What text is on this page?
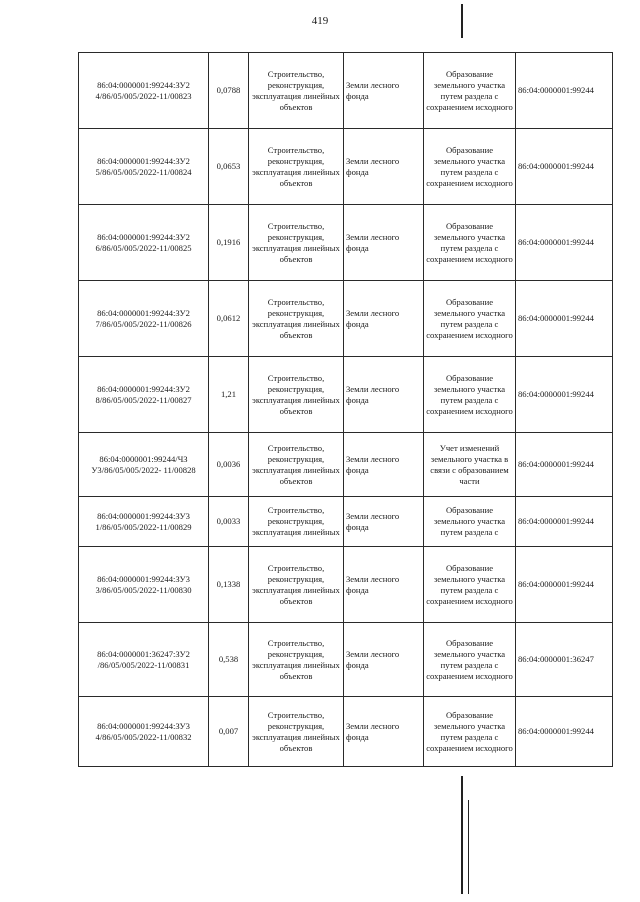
419
86:04:0000001:99244:ЗУ2 4/86/05/005/2022-11/00823	0,0788	Строительство, реконструкция, эксплуатация линейных объектов	Земли лесного фонда	Образование земельного участка путем раздела с сохранением исходного	86:04:0000001:99244
86:04:0000001:99244:ЗУ2 5/86/05/005/2022-11/00824	0,0653	Строительство, реконструкция, эксплуатация линейных объектов	Земли лесного фонда	Образование земельного участка путем раздела с сохранением исходного	86:04:0000001:99244
86:04:0000001:99244:ЗУ2 6/86/05/005/2022-11/00825	0,1916	Строительство, реконструкция, эксплуатация линейных объектов	Земли лесного фонда	Образование земельного участка путем раздела с сохранением исходного	86:04:0000001:99244
86:04:0000001:99244:ЗУ2 7/86/05/005/2022-11/00826	0,0612	Строительство, реконструкция, эксплуатация линейных объектов	Земли лесного фонда	Образование земельного участка путем раздела с сохранением исходного	86:04:0000001:99244
86:04:0000001:99244:ЗУ2 8/86/05/005/2022-11/00827	1,21	Строительство, реконструкция, эксплуатация линейных объектов	Земли лесного фонда	Образование земельного участка путем раздела с сохранением исходного	86:04:0000001:99244
86:04:0000001:99244/ЧЗ У3/86/05/005/2022- 11/00828	0,0036	Строительство, реконструкция, эксплуатация линейных объектов	Земли лесного фонда	Учет изменений земельного участка в связи с образованием части	86:04:0000001:99244
86:04:0000001:99244:ЗУ3 1/86/05/005/2022-11/00829	0,0033	Строительство, реконструкция, эксплуатация линейных	Земли лесного фонда	Образование земельного участка путем раздела с	86:04:0000001:99244
86:04:0000001:99244:ЗУ3 3/86/05/005/2022-11/00830	0,1338	Строительство, реконструкция, эксплуатация линейных объектов	Земли лесного фонда	Образование земельного участка путем раздела с сохранением исходного	86:04:0000001:99244
86:04:0000001:36247:ЗУ2 /86/05/005/2022-11/00831	0,538	Строительство, реконструкция, эксплуатация линейных объектов	Земли лесного фонда	Образование земельного участка путем раздела с сохранением исходного	86:04:0000001:36247
86:04:0000001:99244:ЗУ3 4/86/05/005/2022-11/00832	0,007	Строительство, реконструкция, эксплуатация линейных объектов	Земли лесного фонда	Образование земельного участка путем раздела с сохранением исходного	86:04:0000001:99244
